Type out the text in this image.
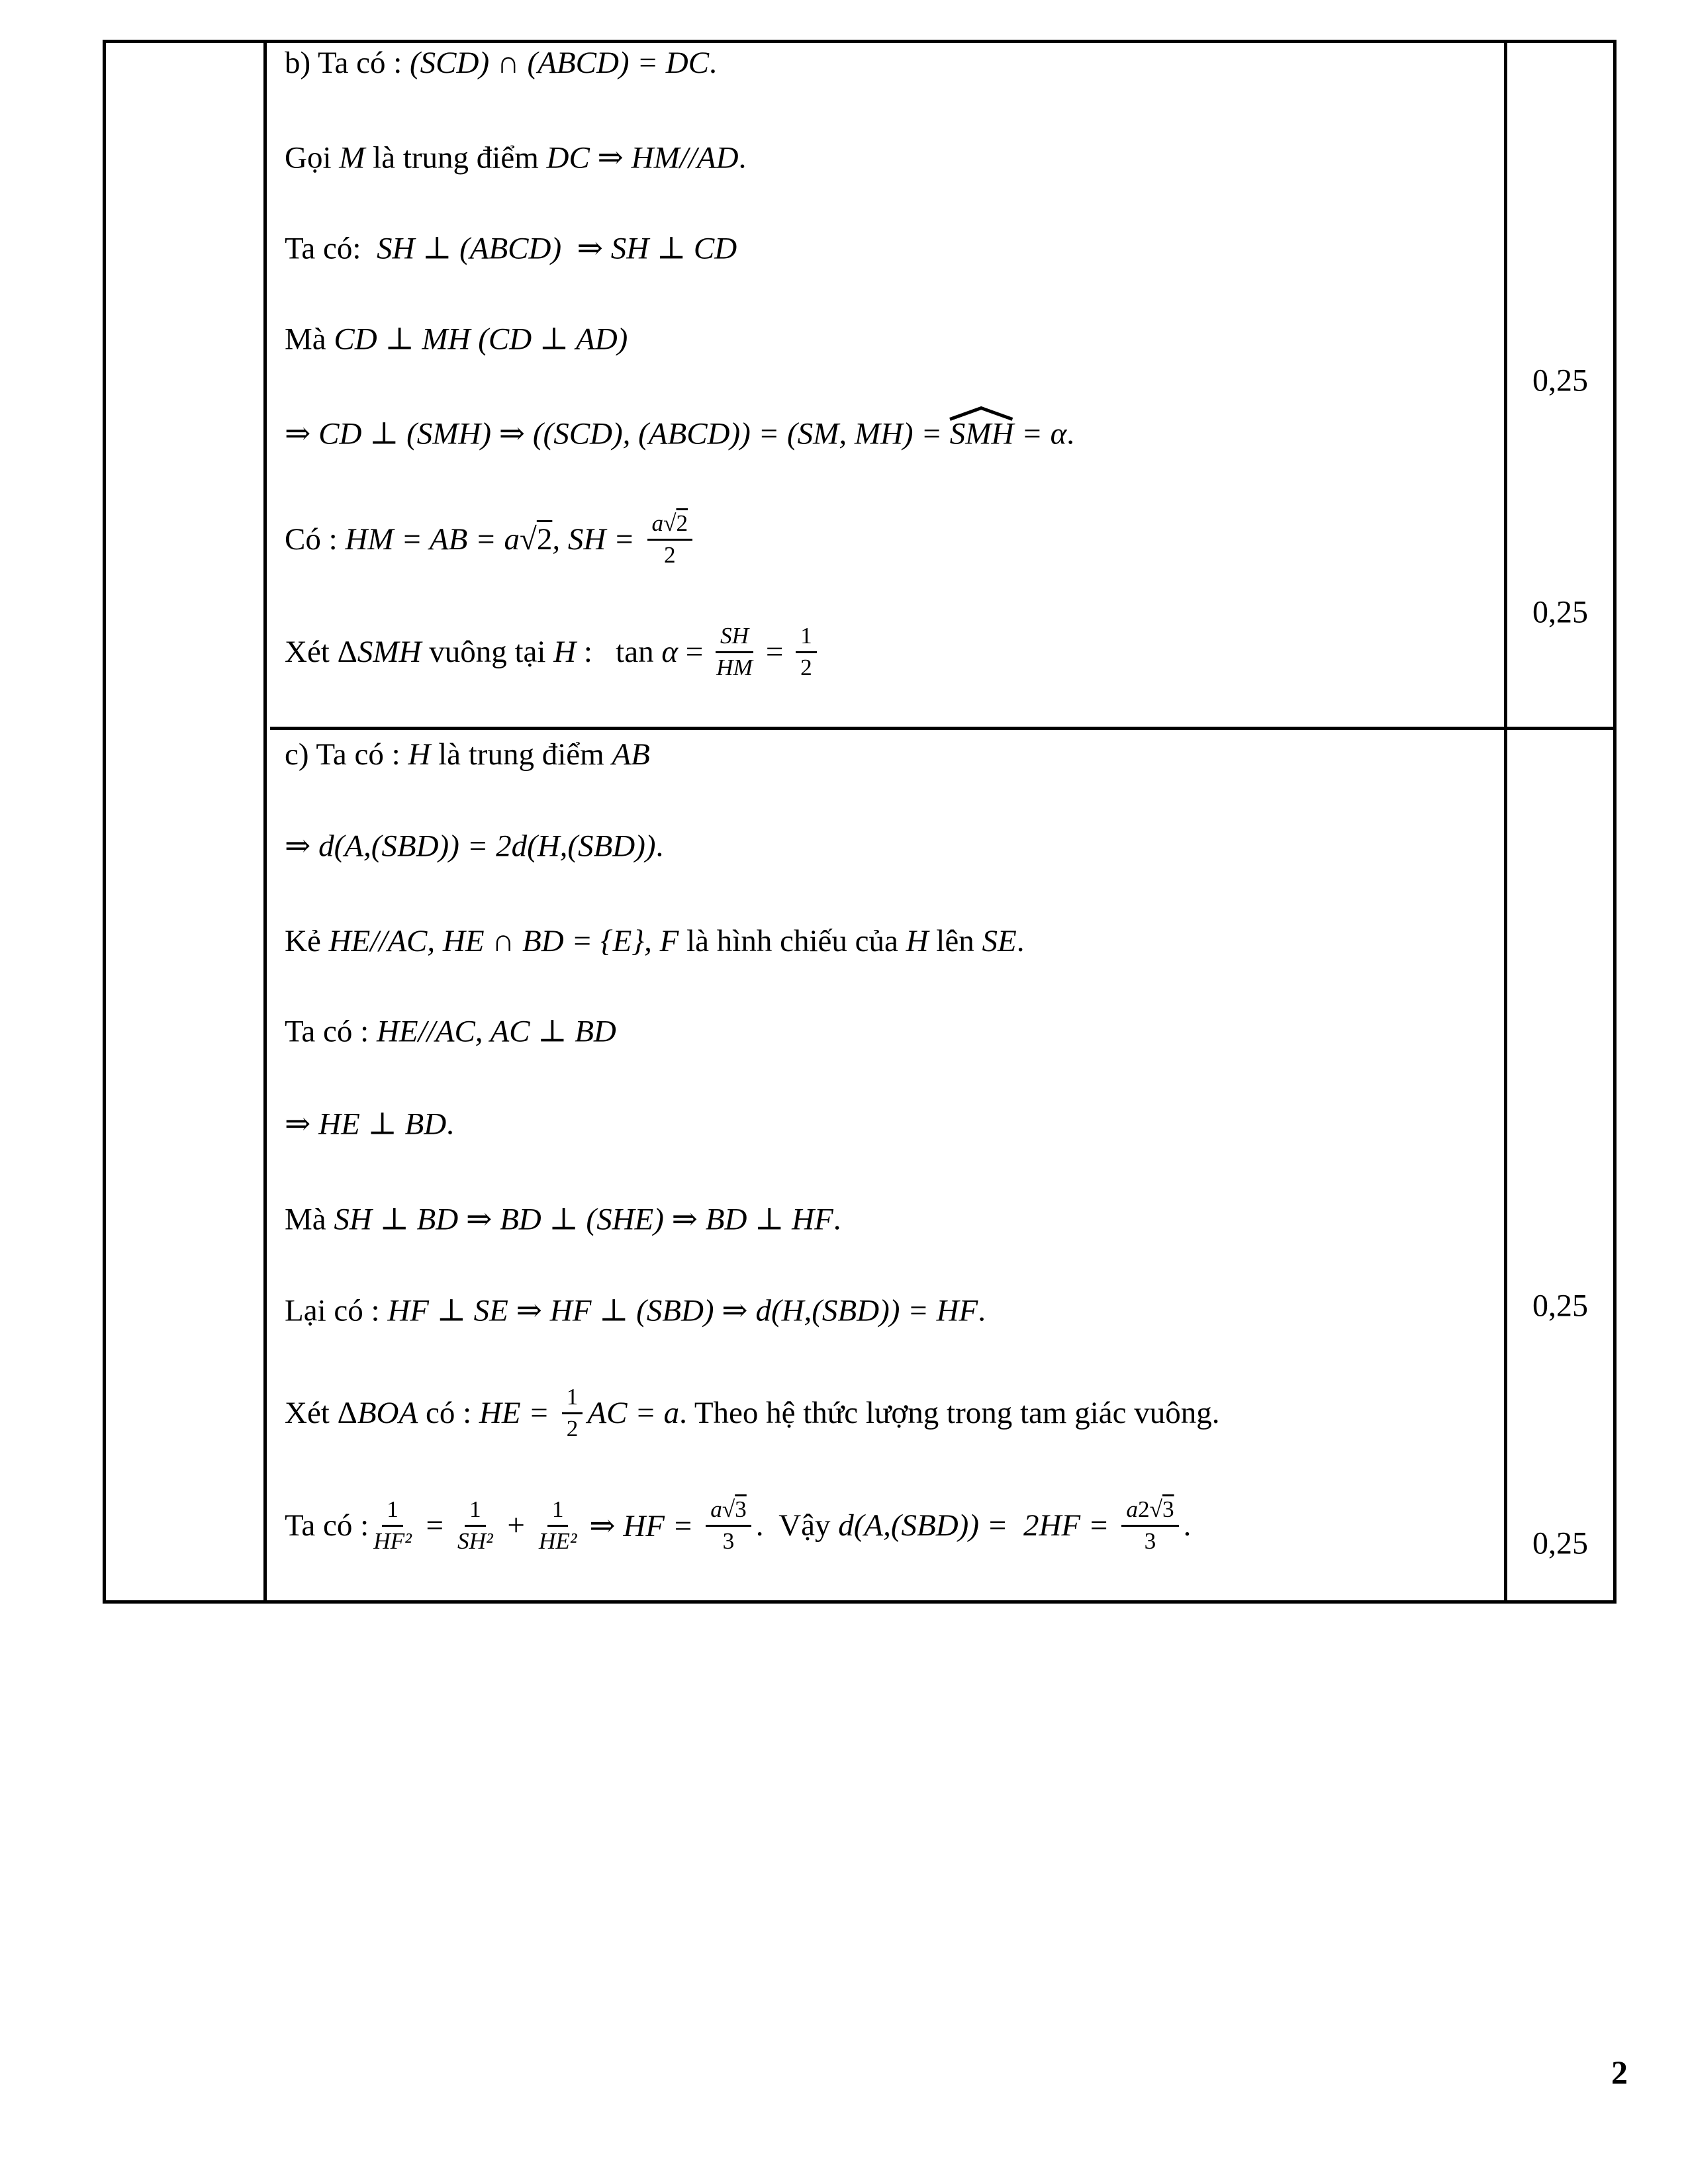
b) Ta có : (SCD) ∩ (ABCD) = DC .
Gọi M là trung điểm DC ⇒ HM//AD .
Ta có: SH ⊥ (ABCD)  ⇒ SH ⊥ CD
Mà CD ⊥ MH (CD ⊥ AD)
⇒ CD ⊥ (SMH) ⇒ ((SCD), (ABCD)) = (SM, MH) = SMH = α .
Có : HM = AB = a √2 , SH = $\frac{a√2}{2}$
Xét Δ SMH vuông tại H :   $\tan \alpha = \frac{SH}{HM} = \frac{1}{2}$
c) Ta có : H là trung điểm AB
⇒ d(A,(SBD)) = 2d(H,(SBD)) .
Kẻ HE//AC, HE ∩ BD = {E}, F là hình chiếu của H lên SE .
Ta có : HE//AC, AC ⊥ BD
⇒ HE ⊥ BD .
Mà SH ⊥ BD ⇒ BD ⊥ (SHE) ⇒ BD ⊥ HF .
Lại có : HF ⊥ SE ⇒ HF ⊥ (SBD) ⇒ d(H,(SBD)) = HF .
Xét Δ BOA có : HE = $\frac{1}{2}$ AC = a . Theo hệ thức lượng trong tam giác vuông.
Ta có : $\frac{1}{\text{HF²}} = \frac{1}{\text{SH²}} + \frac{1}{\text{HE²}}$ ⇒ HF = $\frac{a√3}{3}$ .  Vậy $d(A,(SBD)) = 2HF = \frac{a2√3}{3}$ .
0,25
0,25
0,25
0,25
2
